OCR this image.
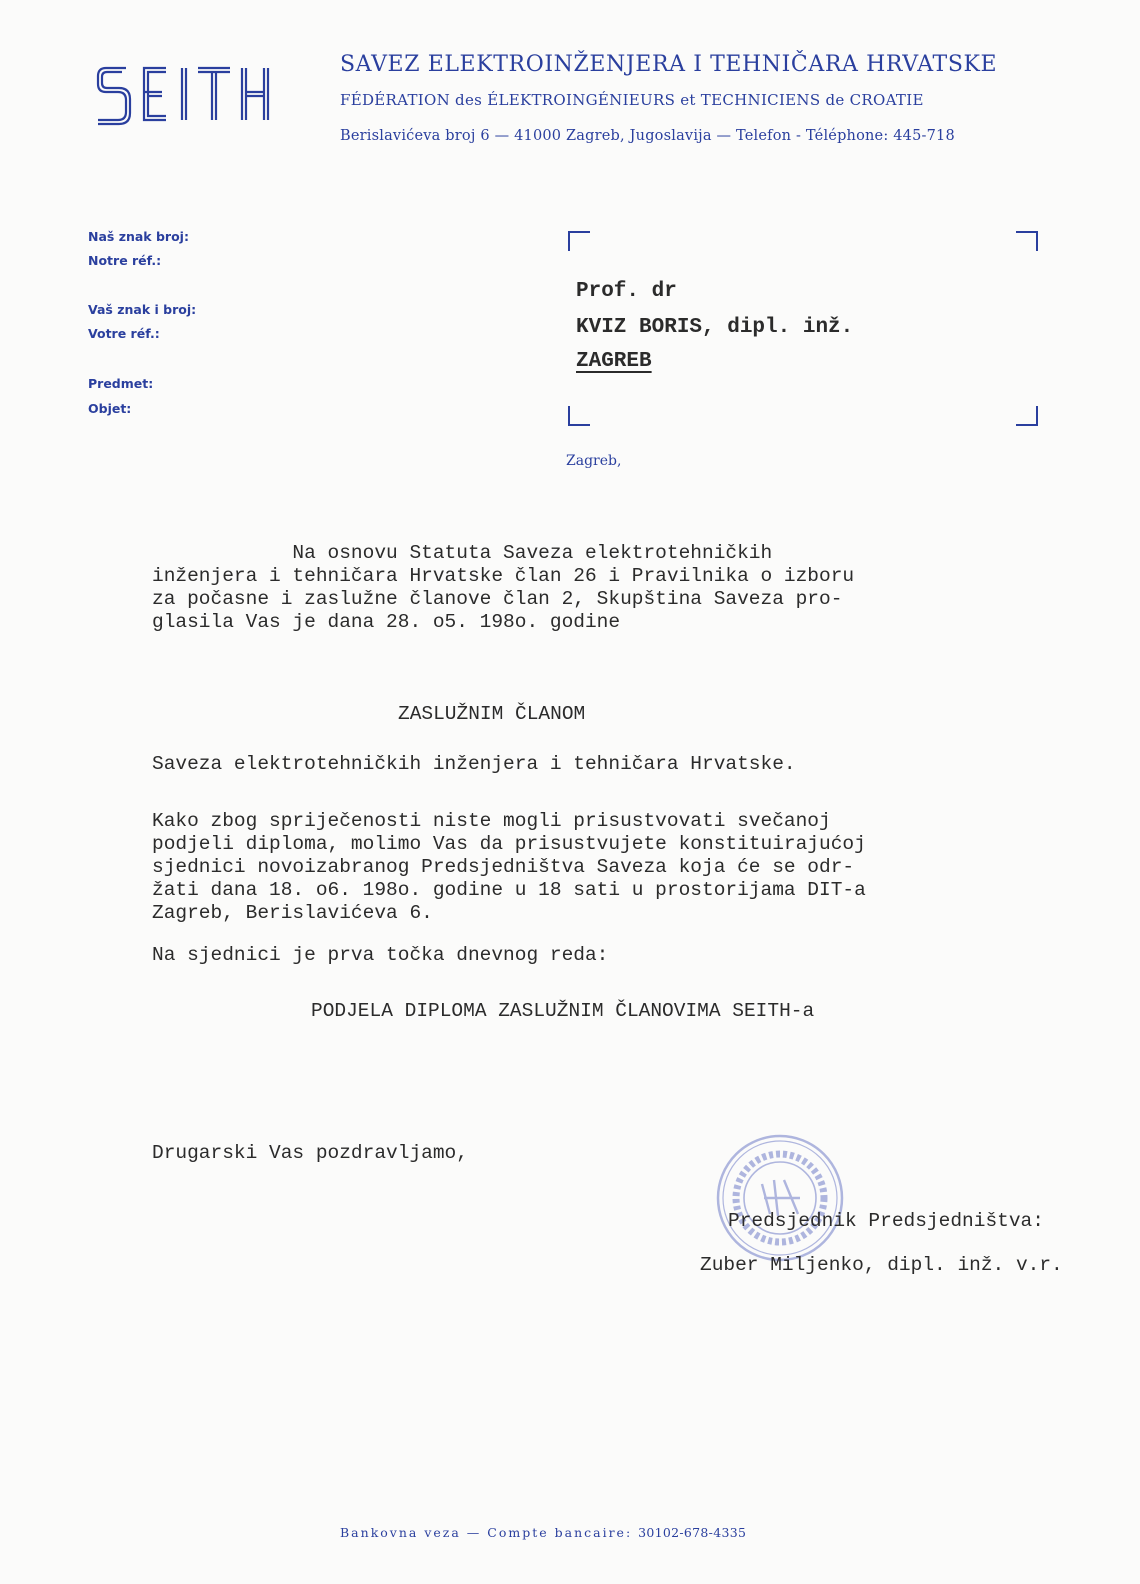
SAVEZ ELEKTROINŽENJERA I TEHNIČARA HRVATSKE
FÉDÉRATION des ÉLEKTROINGÉNIEURS et TECHNICIENS de CROATIE
Berislavićeva broj 6 — 41000 Zagreb, Jugoslavija — Telefon - Téléphone: 445-718
Naš znak broj:
Notre réf.:
Vaš znak i broj:
Votre réf.:
Predmet:
Objet:
Prof. dr
KVIZ BORIS, dipl. inž.
ZAGREB
Zagreb,
Na osnovu Statuta Saveza elektrotehničkih
inženjera i tehničara Hrvatske član 26 i Pravilnika o izboru
za počasne i zaslužne članove član 2, Skupština Saveza pro-
glasila Vas je dana 28. o5. 198o. godine
ZASLUŽNIM ČLANOM
Saveza elektrotehničkih inženjera i tehničara Hrvatske.
Kako zbog spriječenosti niste mogli prisustvovati svečanoj
podjeli diploma, molimo Vas da prisustvujete konstituirajućoj
sjednici novoizabranog Predsjedništva Saveza koja će se odr-
žati dana 18. o6. 198o. godine u 18 sati u prostorijama DIT-a
Zagreb, Berislavićeva 6.
Na sjednici je prva točka dnevnog reda:
PODJELA DIPLOMA ZASLUŽNIM ČLANOVIMA SEITH-a
Drugarski Vas pozdravljamo,
Predsjednik Predsjedništva:
Zuber Miljenko, dipl. inž. v.r.
Bankovna veza — Compte bancaire: 30102-678-4335
